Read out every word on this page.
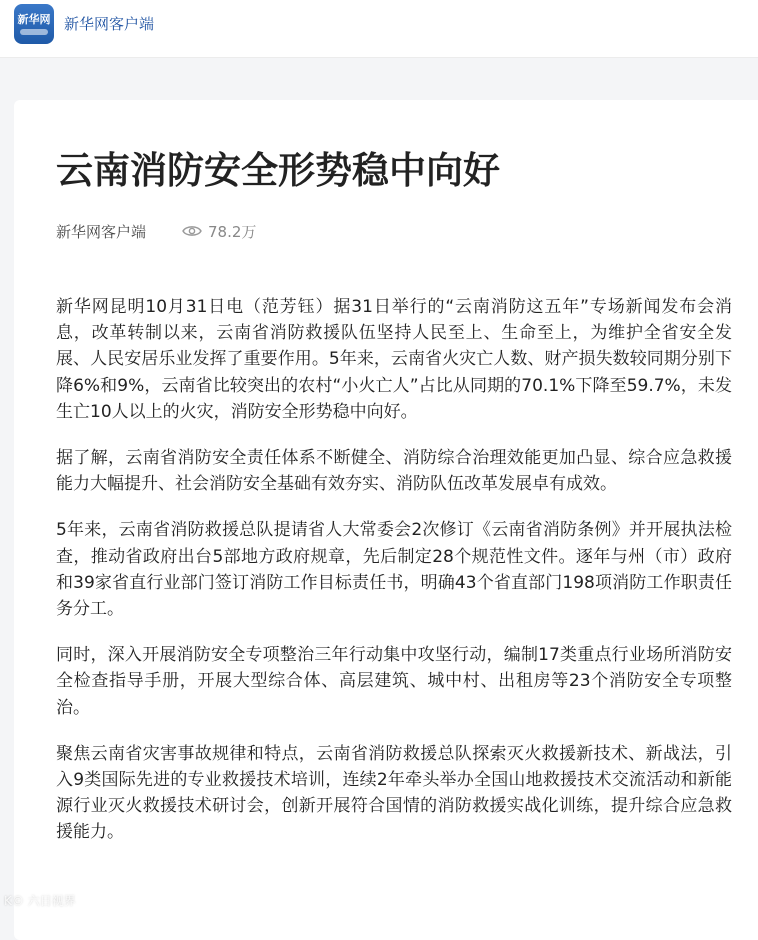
新华网 新华网客户端
云南消防安全形势稳中向好
新华网客户端	78.2万

新华网昆明10月31日电（范芳钰）据31日举行的“云南消防这五年”专场新闻发布会消息，改革转制以来，云南省消防救援队伍坚持人民至上、生命至上，为维护全省安全发展、人民安居乐业发挥了重要作用。5年来，云南省火灾亡人数、财产损失数较同期分别下降6%和9%，云南省比较突出的农村“小火亡人”占比从同期的70.1%下降至59.7%，未发生亡10人以上的火灾，消防安全形势稳中向好。

据了解，云南省消防安全责任体系不断健全、消防综合治理效能更加凸显、综合应急救援能力大幅提升、社会消防安全基础有效夯实、消防队伍改革发展卓有成效。

5年来，云南省消防救援总队提请省人大常委会2次修订《云南省消防条例》并开展执法检查，推动省政府出台5部地方政府规章，先后制定28个规范性文件。逐年与州（市）政府和39家省直行业部门签订消防工作目标责任书，明确43个省直部门198项消防工作职责任务分工。

同时，深入开展消防安全专项整治三年行动集中攻坚行动，编制17类重点行业场所消防安全检查指导手册，开展大型综合体、高层建筑、城中村、出租房等23个消防安全专项整治。

聚焦云南省灾害事故规律和特点，云南省消防救援总队探索灭火救援新技术、新战法，引入9类国际先进的专业救援技术培训，连续2年牵头举办全国山地救援技术交流活动和新能源行业灭火救援技术研讨会，创新开展符合国情的消防救援实战化训练，提升综合应急救援能力。

K© 六日视界
